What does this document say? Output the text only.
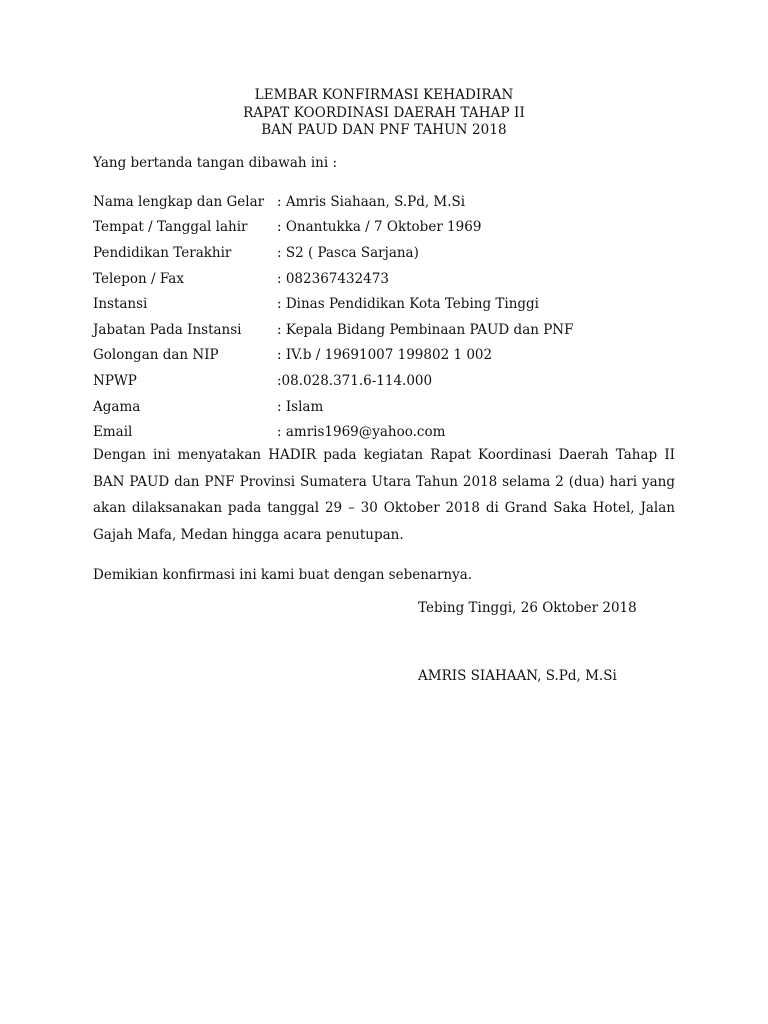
LEMBAR KONFIRMASI KEHADIRAN
RAPAT KOORDINASI DAERAH TAHAP II
BAN PAUD DAN PNF TAHUN 2018
Yang bertanda tangan dibawah ini :
Nama lengkap dan Gelar : Amris Siahaan, S.Pd, M.Si
Tempat / Tanggal lahir	: Onantukka / 7 Oktober 1969
Pendidikan Terakhir	: S2 ( Pasca Sarjana)
Telepon / Fax	: 082367432473
Instansi	: Dinas Pendidikan Kota Tebing Tinggi
Jabatan Pada Instansi	: Kepala Bidang Pembinaan PAUD dan PNF
Golongan dan NIP	: IV.b / 19691007 199802 1 002
NPWP	:08.028.371.6-114.000
Agama	: Islam
Email	: amris1969@yahoo.com
Dengan ini menyatakan HADIR pada kegiatan Rapat Koordinasi Daerah Tahap II BAN PAUD dan PNF Provinsi Sumatera Utara Tahun 2018 selama 2 (dua) hari yang akan dilaksanakan pada tanggal 29 – 30 Oktober 2018 di Grand Saka Hotel, Jalan Gajah Mafa, Medan hingga acara penutupan.
Demikian konfirmasi ini kami buat dengan sebenarnya.
Tebing Tinggi, 26 Oktober 2018
AMRIS SIAHAAN, S.Pd, M.Si
